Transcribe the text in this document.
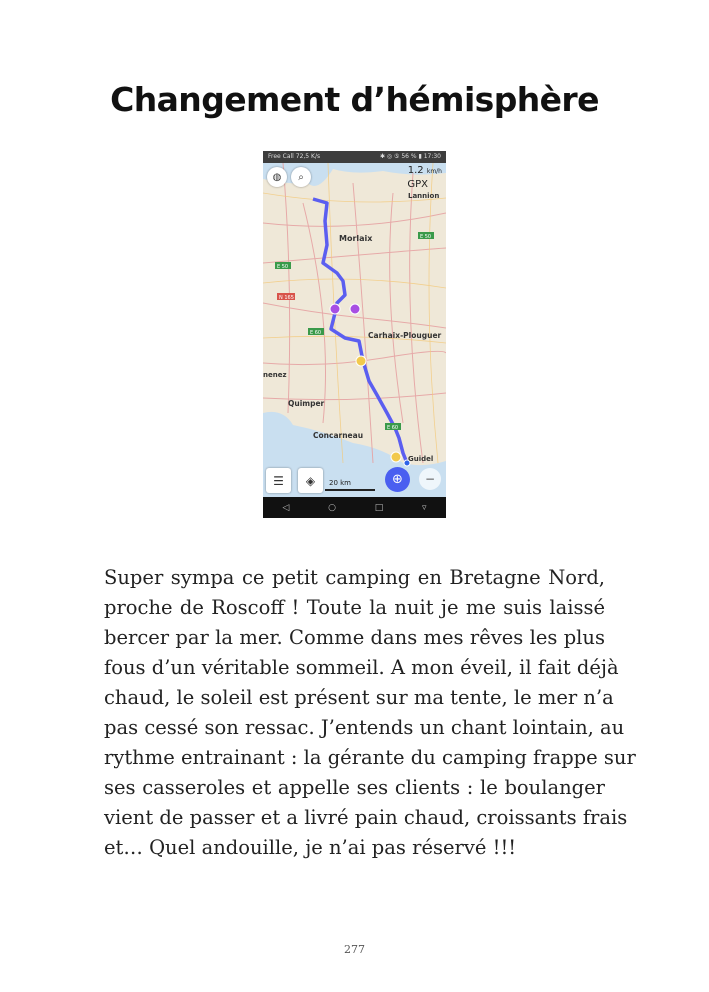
Changement d’hémisphère
Free Call 72,5 K/s	✱ ◎ ⑤ 56 % ▮ 17:30
Lannion
Morlaix
Carhaix-Plouguer
Quimper
Concarneau
Guidel
nenez
E 50
E 50
N 165
E 60
E 60
◍	⌕
1.2 km/h
GPX
☰	◈	20 km	⊕	−
◁	○	□	▿
Super sympa ce petit camping en Bretagne Nord,
proche de Roscoff ! Toute la nuit je me suis laissé
bercer par la mer. Comme dans mes rêves les plus
fous d’un véritable sommeil. A mon éveil, il fait déjà
chaud, le soleil est présent sur ma tente, le mer n’a
pas cessé son ressac. J’entends un chant lointain, au
rythme entrainant : la gérante du camping frappe sur
ses casseroles et appelle ses clients : le boulanger
vient de passer et a livré pain chaud, croissants frais
et… Quel andouille, je n’ai pas réservé !!!
277
